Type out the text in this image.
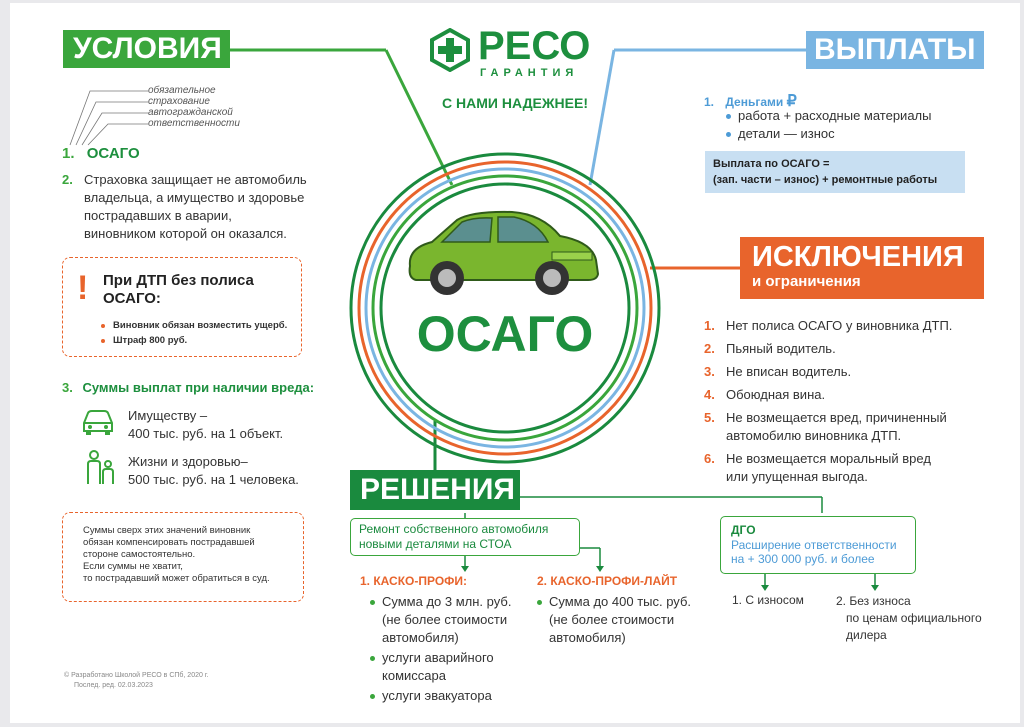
РЕСО
ГАРАНТИЯ
С НАМИ НАДЕЖНЕЕ!
ОСАГО
УСЛОВИЯ
обязательное
страхование
автогражданской
ответственности
1. ОСАГО
2. Страховка защищает не автомобиль
владельца, а имущество и здоровье
пострадавших в аварии,
виновником которой он оказался.
! При ДТП без полиса
ОСАГО:
Виновник обязан возместить ущерб.
Штраф 800 руб.
3. Суммы выплат при наличии вреда:
Имуществу –
400 тыс. руб. на 1 объект.
Жизни и здоровью–
500 тыс. руб. на 1 человека.
Суммы сверх этих значений виновник
обязан компенсировать пострадавшей
стороне самостоятельно.
Если суммы не хватит,
то пострадавший может обратиться в суд.
© Разработано Школой РЕСО в СПб, 2020 г.
Послед. ред. 02.03.2023
ВЫПЛАТЫ
1. Деньгами ₽
работа + расходные материалы
детали — износ
Выплата по ОСАГО =
(зап. части – износ) + ремонтные работы
ИСКЛЮЧЕНИЯ
и ограничения
1. Нет полиса ОСАГО у виновника ДТП.
2. Пьяный водитель.
3. Не вписан водитель.
4. Обоюдная вина.
5. Не возмещается вред, причиненный
автомобилю виновника ДТП.
6. Не возмещается моральный вред
или упущенная выгода.
РЕШЕНИЯ
Ремонт собственного автомобиля
новыми деталями на СТОА
1. КАСКО-ПРОФИ:
Сумма до 3 млн. руб.
(не более стоимости
автомобиля)
услуги аварийного
комиссара
услуги эвакуатора
2. КАСКО-ПРОФИ-ЛАЙТ
Сумма до 400 тыс. руб.
(не более стоимости
автомобиля)
ДГО
Расширение ответственности
на + 300 000 руб. и более
1. С износом	2. Без износа
по ценам официального
дилера
